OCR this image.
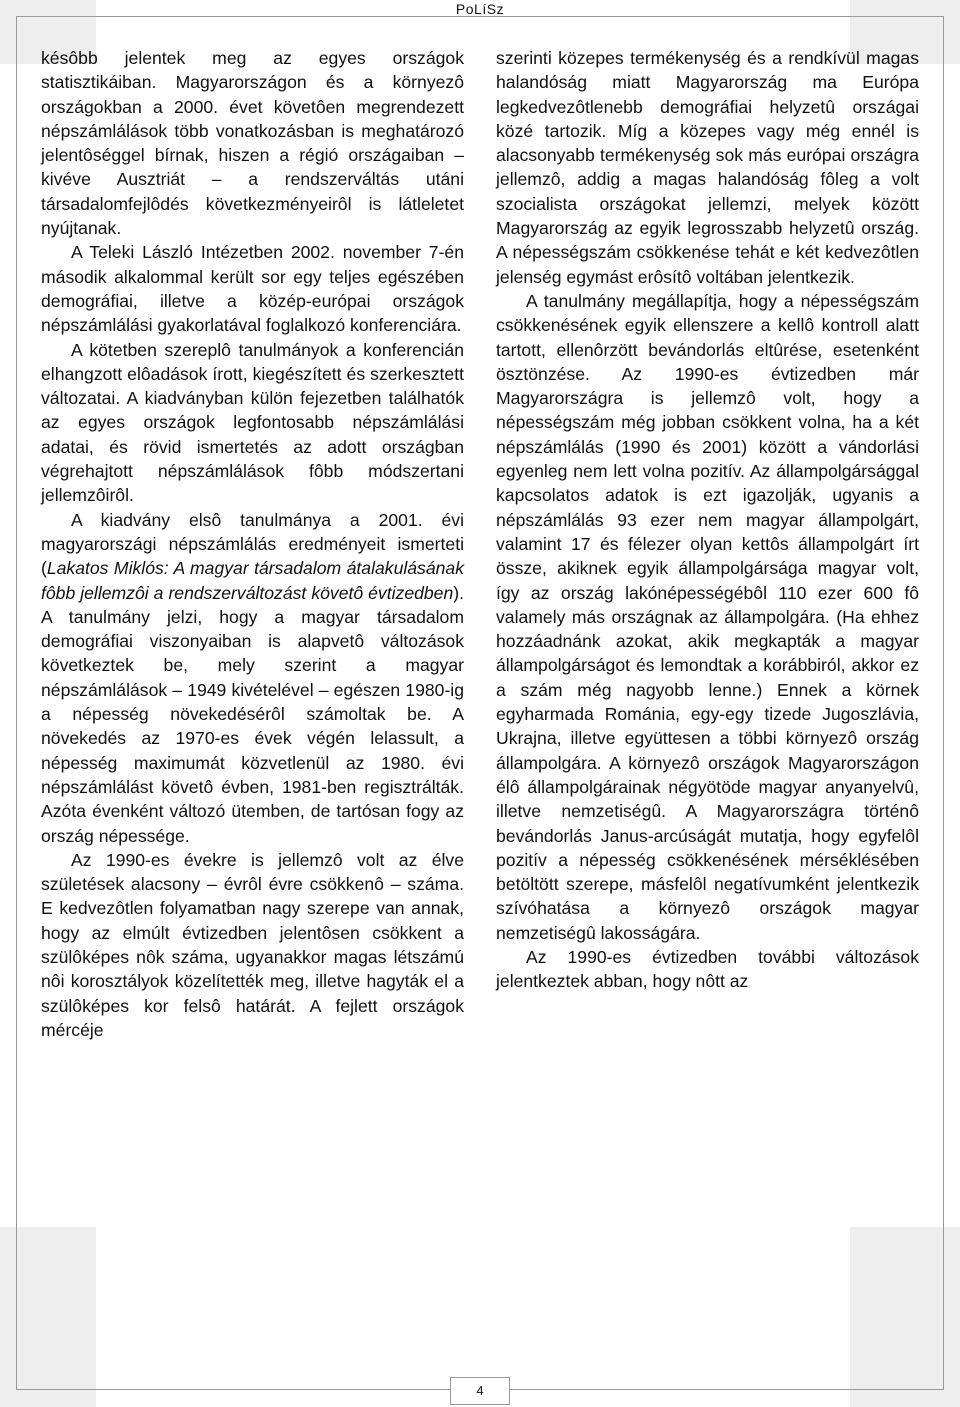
PoLíSz

késôbb jelentek meg az egyes országok statisztikáiban. Magyarországon és a környezô országokban a 2000. évet követôen megrendezett népszámlálások több vonatkozásban is meghatározó jelentôséggel bírnak, hiszen a régió országaiban – kivéve Ausztriát – a rendszerváltás utáni társadalomfejlôdés következményeirôl is látleletet nyújtanak.

A Teleki László Intézetben 2002. november 7-én második alkalommal került sor egy teljes egészében demográfiai, illetve a közép-európai országok népszámlálási gyakorlatával foglalkozó konferenciára.

A kötetben szereplô tanulmányok a konferencián elhangzott elôadások írott, kiegészített és szerkesztett változatai. A kiadványban külön fejezetben találhatók az egyes országok legfontosabb népszámlálási adatai, és rövid ismertetés az adott országban végrehajtott népszámlálások fôbb módszertani jellemzôirôl.

A kiadvány elsô tanulmánya a 2001. évi magyarországi népszámlálás eredményeit ismerteti (Lakatos Miklós: A magyar társadalom átalakulásának fôbb jellemzôi a rendszerváltozást követô évtizedben). A tanulmány jelzi, hogy a magyar társadalom demográfiai viszonyaiban is alapvetô változások következtek be, mely szerint a magyar népszámlálások – 1949 kivételével – egészen 1980-ig a népesség növekedésérôl számoltak be. A növekedés az 1970-es évek végén lelassult, a népesség maximumát közvetlenül az 1980. évi népszámlálást követô évben, 1981-ben regisztrálták. Azóta évenként változó ütemben, de tartósan fogy az ország népessége.

Az 1990-es évekre is jellemzô volt az élve születések alacsony – évrôl évre csökkenô – száma. E kedvezôtlen folyamatban nagy szerepe van annak, hogy az elmúlt évtizedben jelentôsen csökkent a szülôképes nôk száma, ugyanakkor magas létszámú nôi korosztályok közelítették meg, illetve hagyták el a szülôképes kor felsô határát. A fejlett országok mércéje

szerinti közepes termékenység és a rendkívül magas halandóság miatt Magyarország ma Európa legkedvezôtlenebb demográfiai helyzetû országai közé tartozik. Míg a közepes vagy még ennél is alacsonyabb termékenység sok más európai országra jellemzô, addig a magas halandóság fôleg a volt szocialista országokat jellemzi, melyek között Magyarország az egyik legrosszabb helyzetû ország. A népességszám csökkenése tehát e két kedvezôtlen jelenség egymást erôsítô voltában jelentkezik.

A tanulmány megállapítja, hogy a népességszám csökkenésének egyik ellenszere a kellô kontroll alatt tartott, ellenôrzött bevándorlás eltûrése, esetenként ösztönzése. Az 1990-es évtizedben már Magyarországra is jellemzô volt, hogy a népességszám még jobban csökkent volna, ha a két népszámlálás (1990 és 2001) között a vándorlási egyenleg nem lett volna pozitív. Az állampolgársággal kapcsolatos adatok is ezt igazolják, ugyanis a népszámlálás 93 ezer nem magyar állampolgárt, valamint 17 és félezer olyan kettôs állampolgárt írt össze, akiknek egyik állampolgársága magyar volt, így az ország lakónépességébôl 110 ezer 600 fô valamely más országnak az állampolgára. (Ha ehhez hozzáadnánk azokat, akik megkapták a magyar állampolgárságot és lemondtak a korábbiról, akkor ez a szám még nagyobb lenne.) Ennek a körnek egyharmada Románia, egy-egy tizede Jugoszlávia, Ukrajna, illetve együttesen a többi környezô ország állampolgára. A környezô országok Magyarországon élô állampolgárainak négyötöde magyar anyanyelvû, illetve nemzetiségû. A Magyarországra történô bevándorlás Janus-arcúságát mutatja, hogy egyfelôl pozitív a népesség csökkenésének mérséklésében betöltött szerepe, másfelôl negatívumként jelentkezik szívóhatása a környezô országok magyar nemzetiségû lakosságára.

Az 1990-es évtizedben további változások jelentkeztek abban, hogy nôtt az

4
